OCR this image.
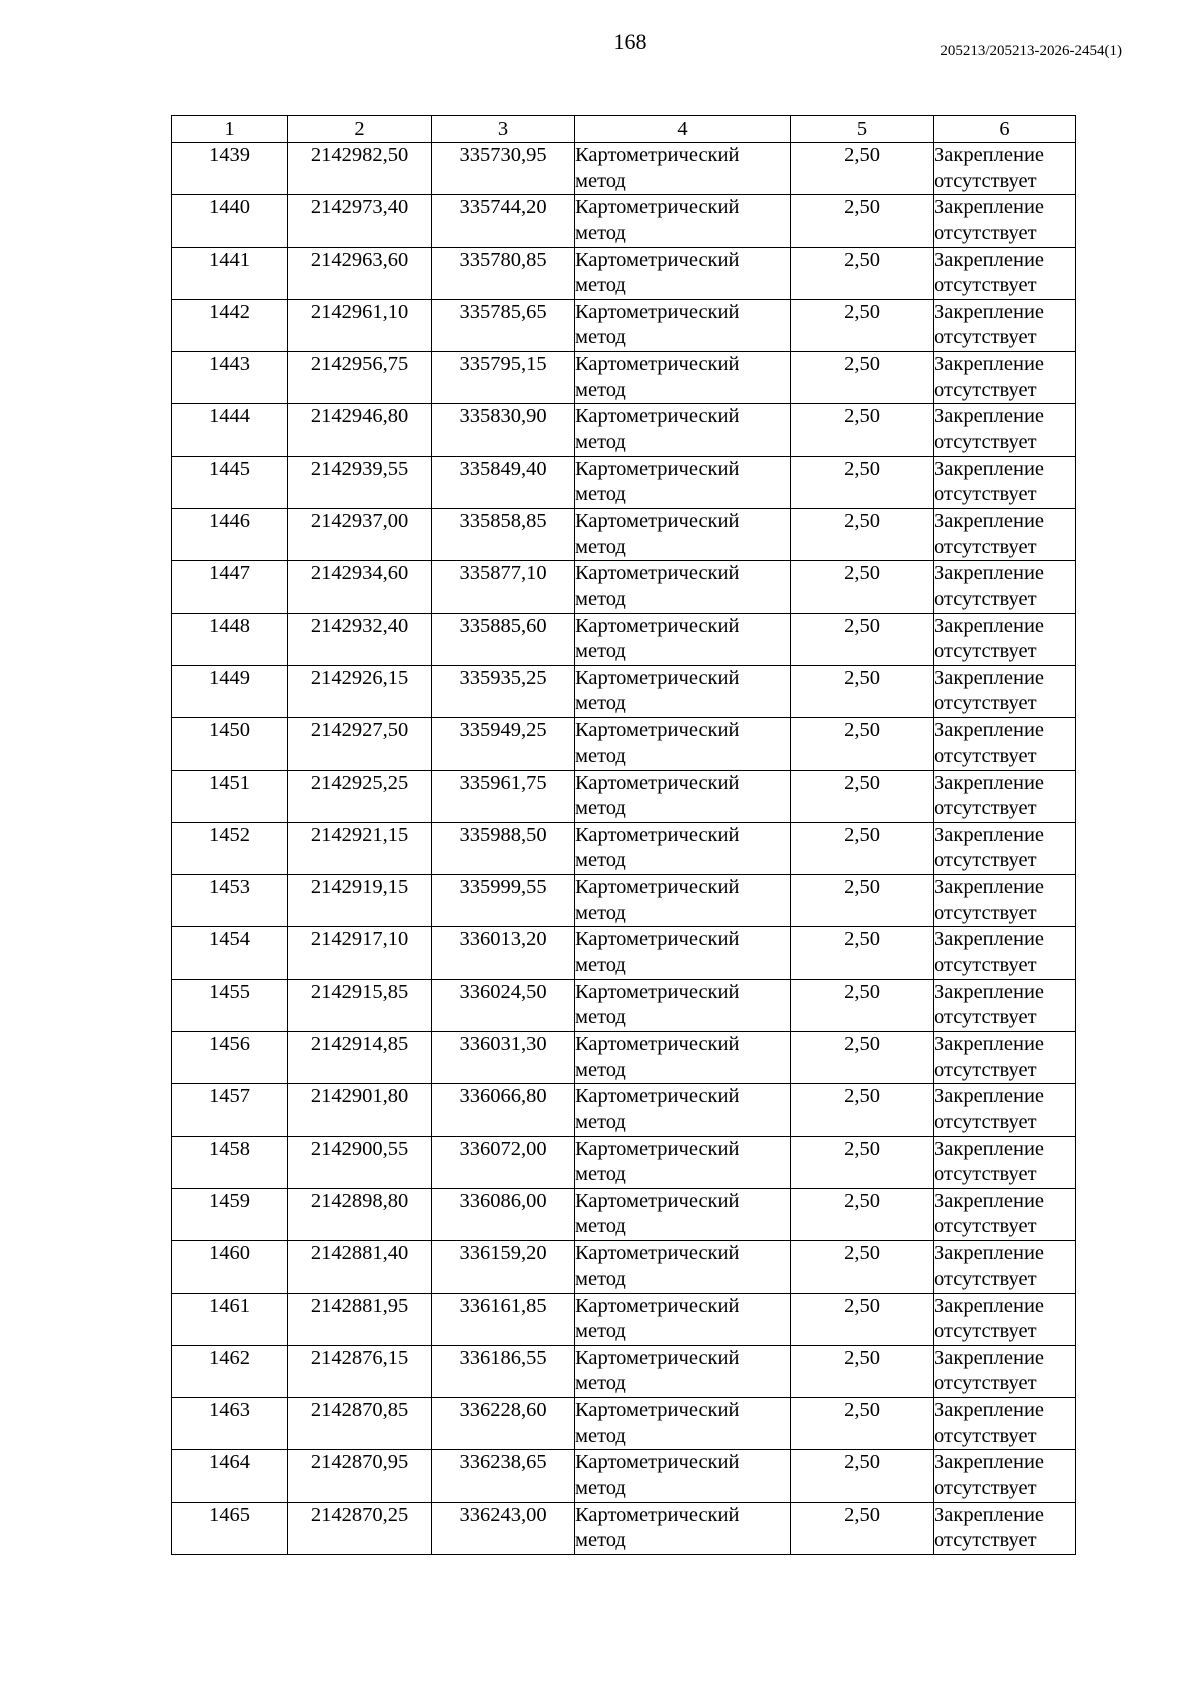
168	205213/205213-2026-2454(1)
1	2	3	4	5	6
1439	2142982,50	335730,95	Картометрический метод	2,50	Закрепление отсутствует
1440	2142973,40	335744,20	Картометрический метод	2,50	Закрепление отсутствует
1441	2142963,60	335780,85	Картометрический метод	2,50	Закрепление отсутствует
1442	2142961,10	335785,65	Картометрический метод	2,50	Закрепление отсутствует
1443	2142956,75	335795,15	Картометрический метод	2,50	Закрепление отсутствует
1444	2142946,80	335830,90	Картометрический метод	2,50	Закрепление отсутствует
1445	2142939,55	335849,40	Картометрический метод	2,50	Закрепление отсутствует
1446	2142937,00	335858,85	Картометрический метод	2,50	Закрепление отсутствует
1447	2142934,60	335877,10	Картометрический метод	2,50	Закрепление отсутствует
1448	2142932,40	335885,60	Картометрический метод	2,50	Закрепление отсутствует
1449	2142926,15	335935,25	Картометрический метод	2,50	Закрепление отсутствует
1450	2142927,50	335949,25	Картометрический метод	2,50	Закрепление отсутствует
1451	2142925,25	335961,75	Картометрический метод	2,50	Закрепление отсутствует
1452	2142921,15	335988,50	Картометрический метод	2,50	Закрепление отсутствует
1453	2142919,15	335999,55	Картометрический метод	2,50	Закрепление отсутствует
1454	2142917,10	336013,20	Картометрический метод	2,50	Закрепление отсутствует
1455	2142915,85	336024,50	Картометрический метод	2,50	Закрепление отсутствует
1456	2142914,85	336031,30	Картометрический метод	2,50	Закрепление отсутствует
1457	2142901,80	336066,80	Картометрический метод	2,50	Закрепление отсутствует
1458	2142900,55	336072,00	Картометрический метод	2,50	Закрепление отсутствует
1459	2142898,80	336086,00	Картометрический метод	2,50	Закрепление отсутствует
1460	2142881,40	336159,20	Картометрический метод	2,50	Закрепление отсутствует
1461	2142881,95	336161,85	Картометрический метод	2,50	Закрепление отсутствует
1462	2142876,15	336186,55	Картометрический метод	2,50	Закрепление отсутствует
1463	2142870,85	336228,60	Картометрический метод	2,50	Закрепление отсутствует
1464	2142870,95	336238,65	Картометрический метод	2,50	Закрепление отсутствует
1465	2142870,25	336243,00	Картометрический метод	2,50	Закрепление отсутствует
